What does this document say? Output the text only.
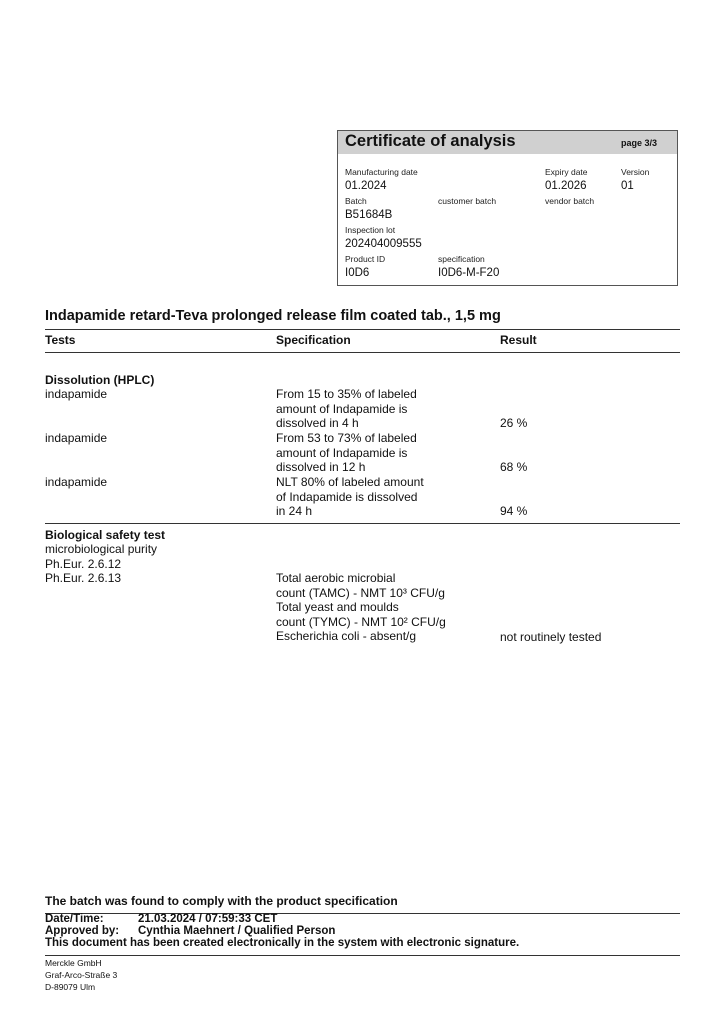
Certificate of analysis	page 3/3
Manufacturing date
01.2024
Expiry date
01.2026
Version
01
Batch
B51684B
customer batch	vendor batch
Inspection lot
202404009555
Product ID
I0D6
specification
I0D6-M-F20
Indapamide retard-Teva prolonged release film coated tab., 1,5 mg
Tests	Specification	Result
Dissolution (HPLC)
indapamide	From 15 to 35% of labeled
amount of Indapamide is
dissolved in 4 h	26 %
indapamide	From 53 to 73% of labeled
amount of Indapamide is
dissolved in 12 h	68 %
indapamide	NLT 80% of labeled amount
of Indapamide is dissolved
in 24 h	94 %
Biological safety test
microbiological purity
Ph.Eur. 2.6.12
Ph.Eur. 2.6.13	Total aerobic microbial
count (TAMC) - NMT 10³ CFU/g
Total yeast and moulds
count (TYMC) - NMT 10² CFU/g
Escherichia coli - absent/g	not routinely tested
The batch was found to comply with the product specification
Date/Time:	21.03.2024 / 07:59:33 CET
Approved by: Cynthia Maehnert / Qualified Person
This document has been created electronically in the system with electronic signature.
Merckle GmbH
Graf-Arco-Straße 3
D-89079 Ulm
